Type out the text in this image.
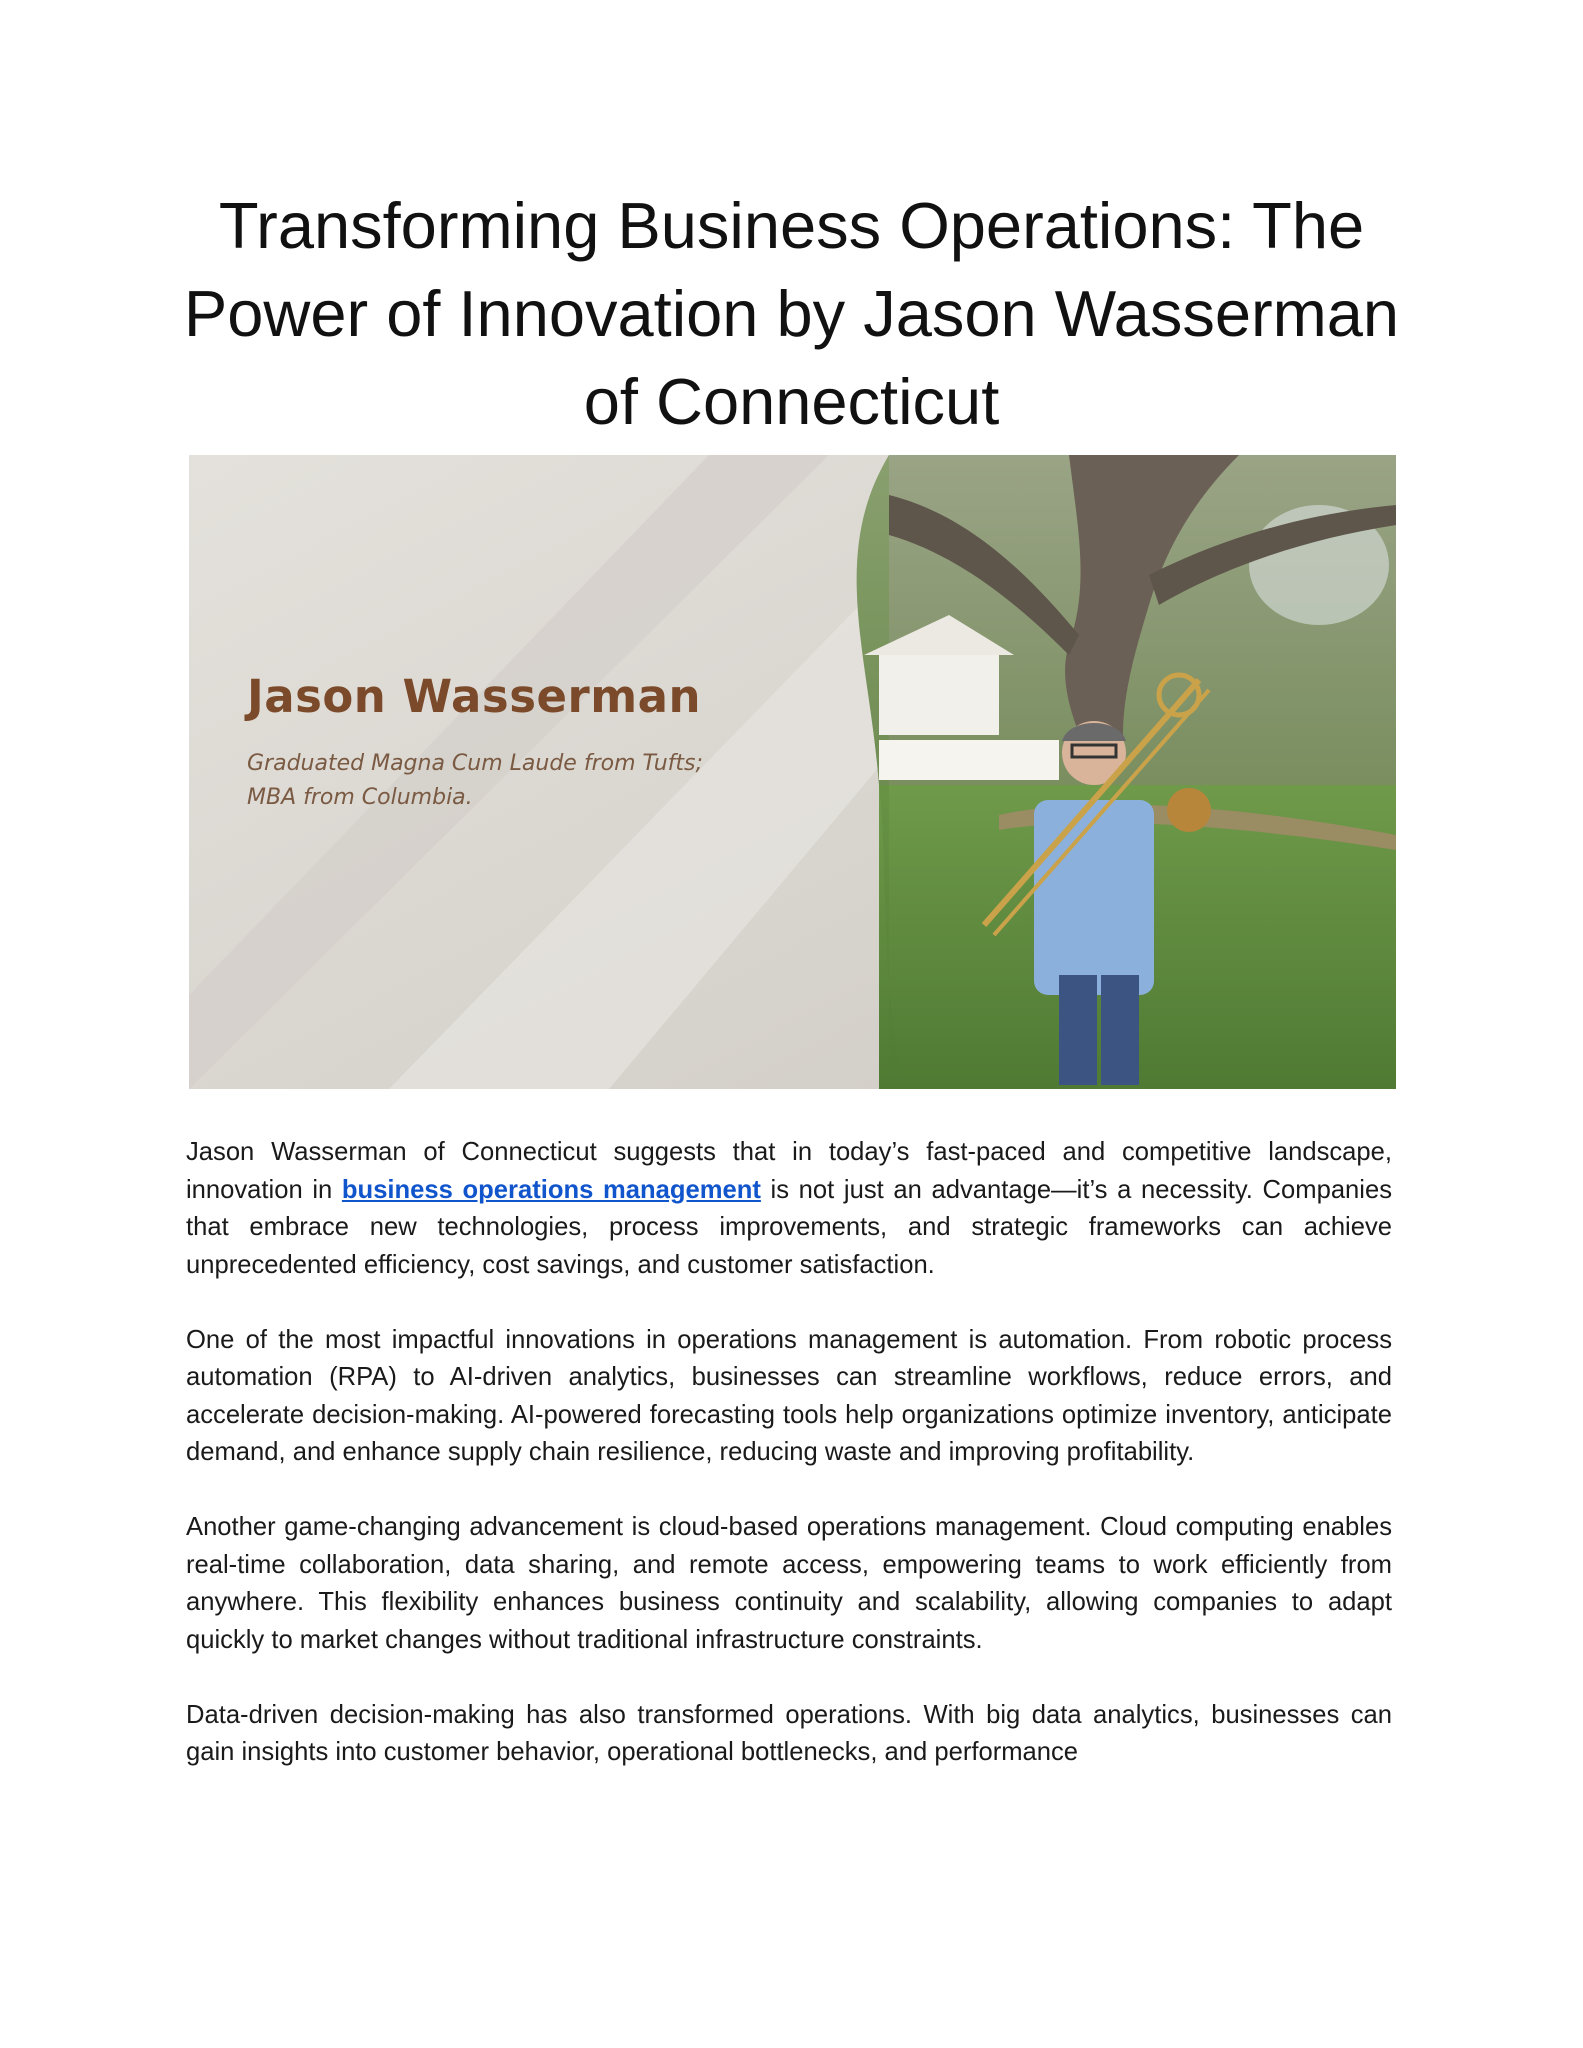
Transforming Business Operations: The Power of Innovation by Jason Wasserman of Connecticut
Jason Wasserman
Graduated Magna Cum Laude from Tufts;
MBA from Columbia.

Jason Wasserman of Connecticut suggests that in today’s fast-paced and competitive landscape, innovation in business operations management is not just an advantage—it’s a necessity. Companies that embrace new technologies, process improvements, and strategic frameworks can achieve unprecedented efficiency, cost savings, and customer satisfaction.

One of the most impactful innovations in operations management is automation. From robotic process automation (RPA) to AI-driven analytics, businesses can streamline workflows, reduce errors, and accelerate decision-making. AI-powered forecasting tools help organizations optimize inventory, anticipate demand, and enhance supply chain resilience, reducing waste and improving profitability.

Another game-changing advancement is cloud-based operations management. Cloud computing enables real-time collaboration, data sharing, and remote access, empowering teams to work efficiently from anywhere. This flexibility enhances business continuity and scalability, allowing companies to adapt quickly to market changes without traditional infrastructure constraints.

Data-driven decision-making has also transformed operations. With big data analytics, businesses can gain insights into customer behavior, operational bottlenecks, and performance
